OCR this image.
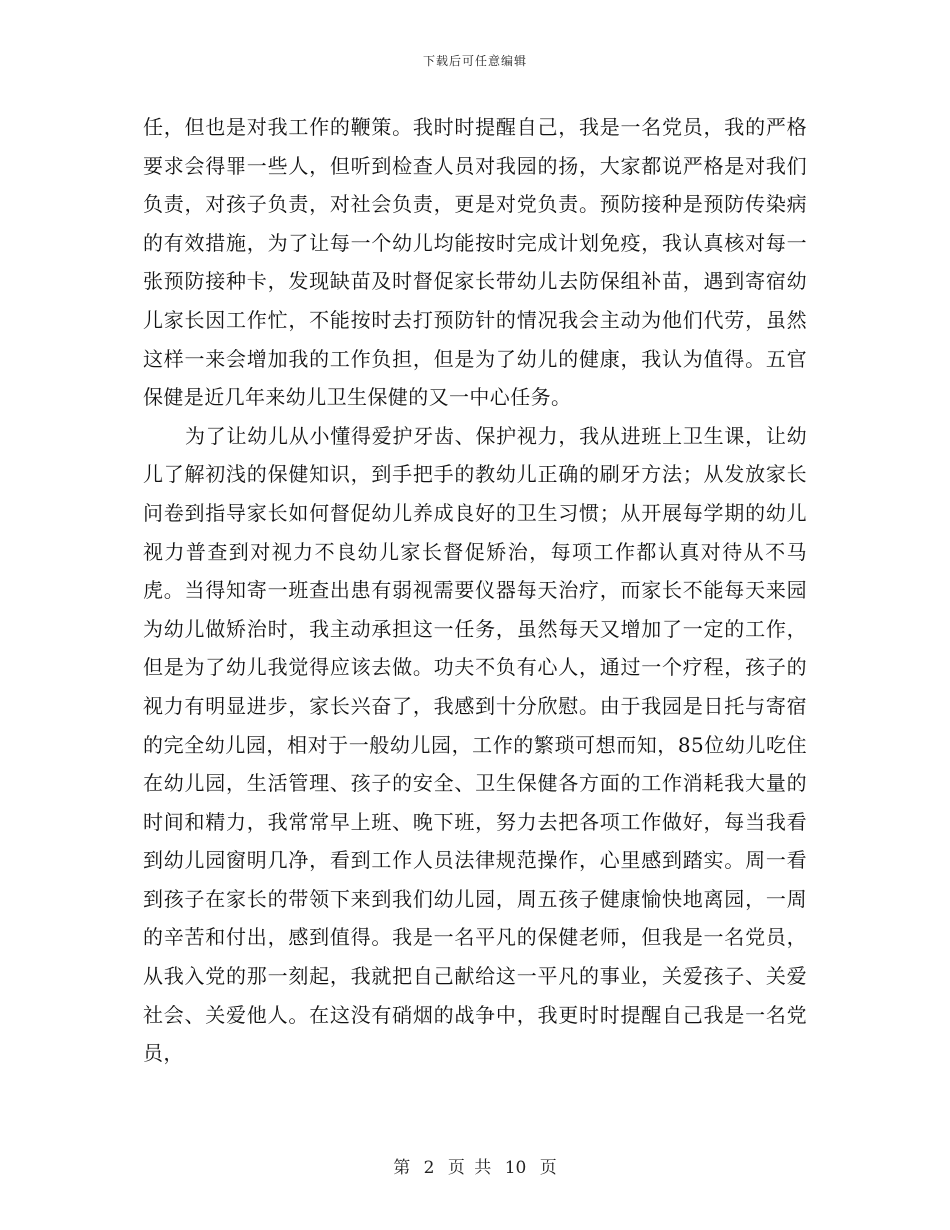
下载后可任意编辑

任，但也是对我工作的鞭策。我时时提醒自己，我是一名党员，我的严格要求会得罪一些人，但听到检查人员对我园的扬，大家都说严格是对我们负责，对孩子负责，对社会负责，更是对党负责。预防接种是预防传染病的有效措施，为了让每一个幼儿均能按时完成计划免疫，我认真核对每一张预防接种卡，发现缺苗及时督促家长带幼儿去防保组补苗，遇到寄宿幼儿家长因工作忙，不能按时去打预防针的情况我会主动为他们代劳，虽然这样一来会增加我的工作负担，但是为了幼儿的健康，我认为值得。五官保健是近几年来幼儿卫生保健的又一中心任务。

为了让幼儿从小懂得爱护牙齿、保护视力，我从进班上卫生课，让幼儿了解初浅的保健知识，到手把手的教幼儿正确的刷牙方法；从发放家长问卷到指导家长如何督促幼儿养成良好的卫生习惯；从开展每学期的幼儿视力普查到对视力不良幼儿家长督促矫治，每项工作都认真对待从不马虎。当得知寄一班查出患有弱视需要仪器每天治疗，而家长不能每天来园为幼儿做矫治时，我主动承担这一任务，虽然每天又增加了一定的工作，但是为了幼儿我觉得应该去做。功夫不负有心人，通过一个疗程，孩子的视力有明显进步，家长兴奋了，我感到十分欣慰。由于我园是日托与寄宿的完全幼儿园，相对于一般幼儿园，工作的繁琐可想而知，85位幼儿吃住在幼儿园，生活管理、孩子的安全、卫生保健各方面的工作消耗我大量的时间和精力，我常常早上班、晚下班，努力去把各项工作做好，每当我看到幼儿园窗明几净，看到工作人员法律规范操作，心里感到踏实。周一看到孩子在家长的带领下来到我们幼儿园，周五孩子健康愉快地离园，一周的辛苦和付出，感到值得。我是一名平凡的保健老师，但我是一名党员，从我入党的那一刻起，我就把自己献给这一平凡的事业，关爱孩子、关爱社会、关爱他人。在这没有硝烟的战争中，我更时时提醒自己我是一名党员，

第 2 页 共 10 页
